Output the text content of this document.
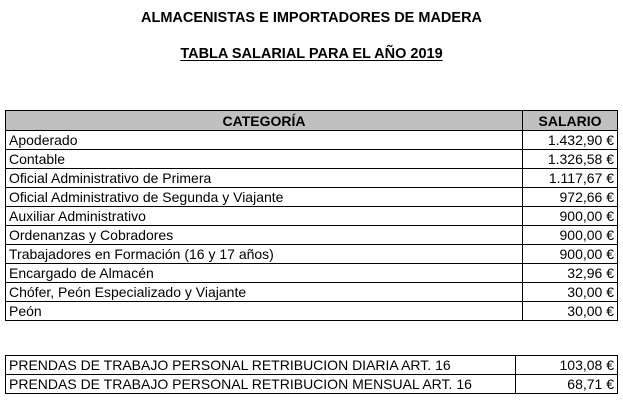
ALMACENISTAS E IMPORTADORES DE MADERA
TABLA SALARIAL PARA EL AÑO 2019
CATEGORÍA	SALARIO
Apoderado	1.432,90 €
Contable	1.326,58 €
Oficial Administrativo de Primera	1.117,67 €
Oficial Administrativo de Segunda y Viajante	972,66 €
Auxiliar Administrativo	900,00 €
Ordenanzas y Cobradores	900,00 €
Trabajadores en Formación (16 y 17 años)	900,00 €
Encargado de Almacén	32,96 €
Chófer, Peón Especializado y Viajante	30,00 €
Peón	30,00 €
PRENDAS DE TRABAJO PERSONAL RETRIBUCION DIARIA ART. 16	103,08 €
PRENDAS DE TRABAJO PERSONAL RETRIBUCION MENSUAL ART. 16	68,71 €
